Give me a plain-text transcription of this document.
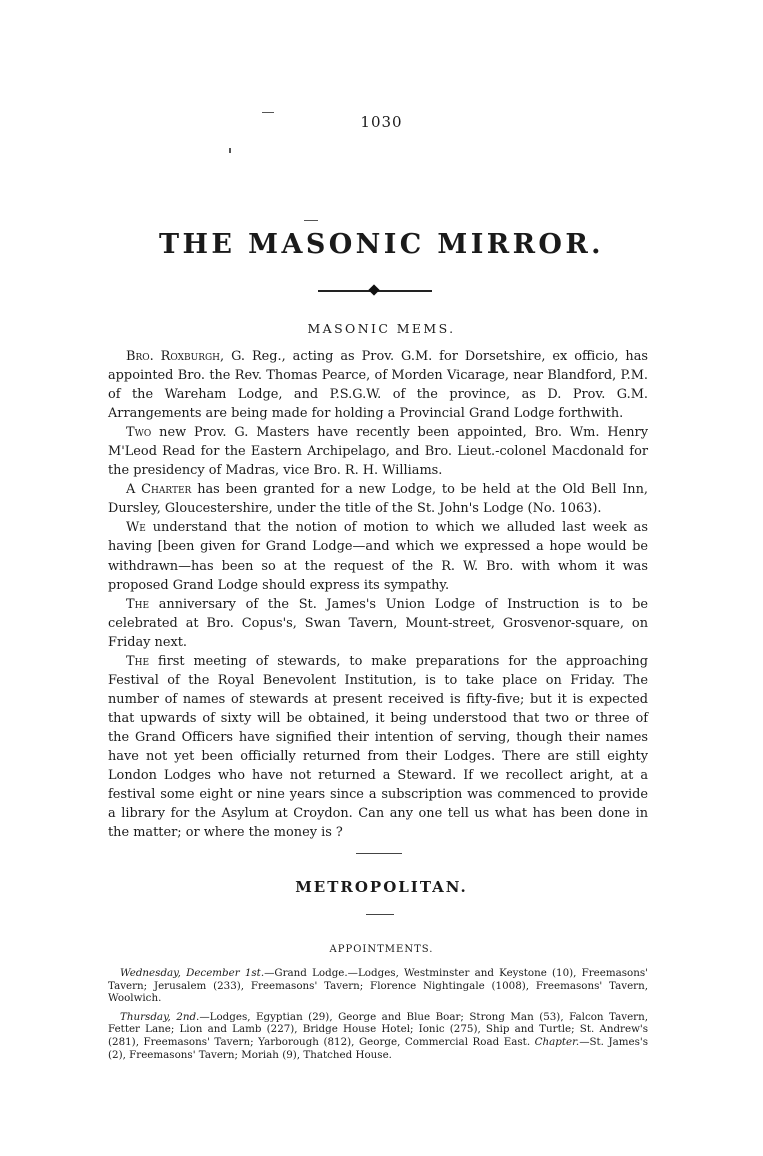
1030
THE MASONIC MIRROR.
MASONIC MEMS.

Bro. Roxburgh, G. Reg., acting as Prov. G.M. for Dorsetshire, ex officio, has appointed Bro. the Rev. Thomas Pearce, of Morden Vicarage, near Blandford, P.M. of the Wareham Lodge, and P.S.G.W. of the province, as D. Prov. G.M. Arrangements are being made for holding a Provincial Grand Lodge forthwith.

Two new Prov. G. Masters have recently been appointed, Bro. Wm. Henry M'Leod Read for the Eastern Archipelago, and Bro. Lieut.-colonel Macdonald for the presidency of Madras, vice Bro. R. H. Williams.

A Charter has been granted for a new Lodge, to be held at the Old Bell Inn, Dursley, Gloucestershire, under the title of the St. John's Lodge (No. 1063).

We understand that the notion of motion to which we alluded last week as having [been given for Grand Lodge—and which we expressed a hope would be withdrawn—has been so at the request of the R. W. Bro. with whom it was proposed Grand Lodge should express its sympathy.

The anniversary of the St. James's Union Lodge of Instruction is to be celebrated at Bro. Copus's, Swan Tavern, Mount-street, Grosvenor-square, on Friday next.

The first meeting of stewards, to make preparations for the approaching Festival of the Royal Benevolent Institution, is to take place on Friday. The number of names of stewards at present received is fifty-five; but it is expected that upwards of sixty will be obtained, it being understood that two or three of the Grand Officers have signified their intention of serving, though their names have not yet been officially returned from their Lodges. There are still eighty London Lodges who have not returned a Steward. If we recollect aright, at a festival some eight or nine years since a subscription was commenced to provide a library for the Asylum at Croydon. Can any one tell us what has been done in the matter; or where the money is ?

METROPOLITAN.
APPOINTMENTS.

Wednesday, December 1st.—Grand Lodge.—Lodges, Westminster and Keystone (10), Freemasons' Tavern; Jerusalem (233), Freemasons' Tavern; Florence Nightingale (1008), Freemasons' Tavern, Woolwich.

Thursday, 2nd.—Lodges, Egyptian (29), George and Blue Boar; Strong Man (53), Falcon Tavern, Fetter Lane; Lion and Lamb (227), Bridge House Hotel; Ionic (275), Ship and Turtle; St. Andrew's (281), Freemasons' Tavern; Yarborough (812), George, Commercial Road East. Chapter.—St. James's (2), Freemasons' Tavern; Moriah (9), Thatched House.
